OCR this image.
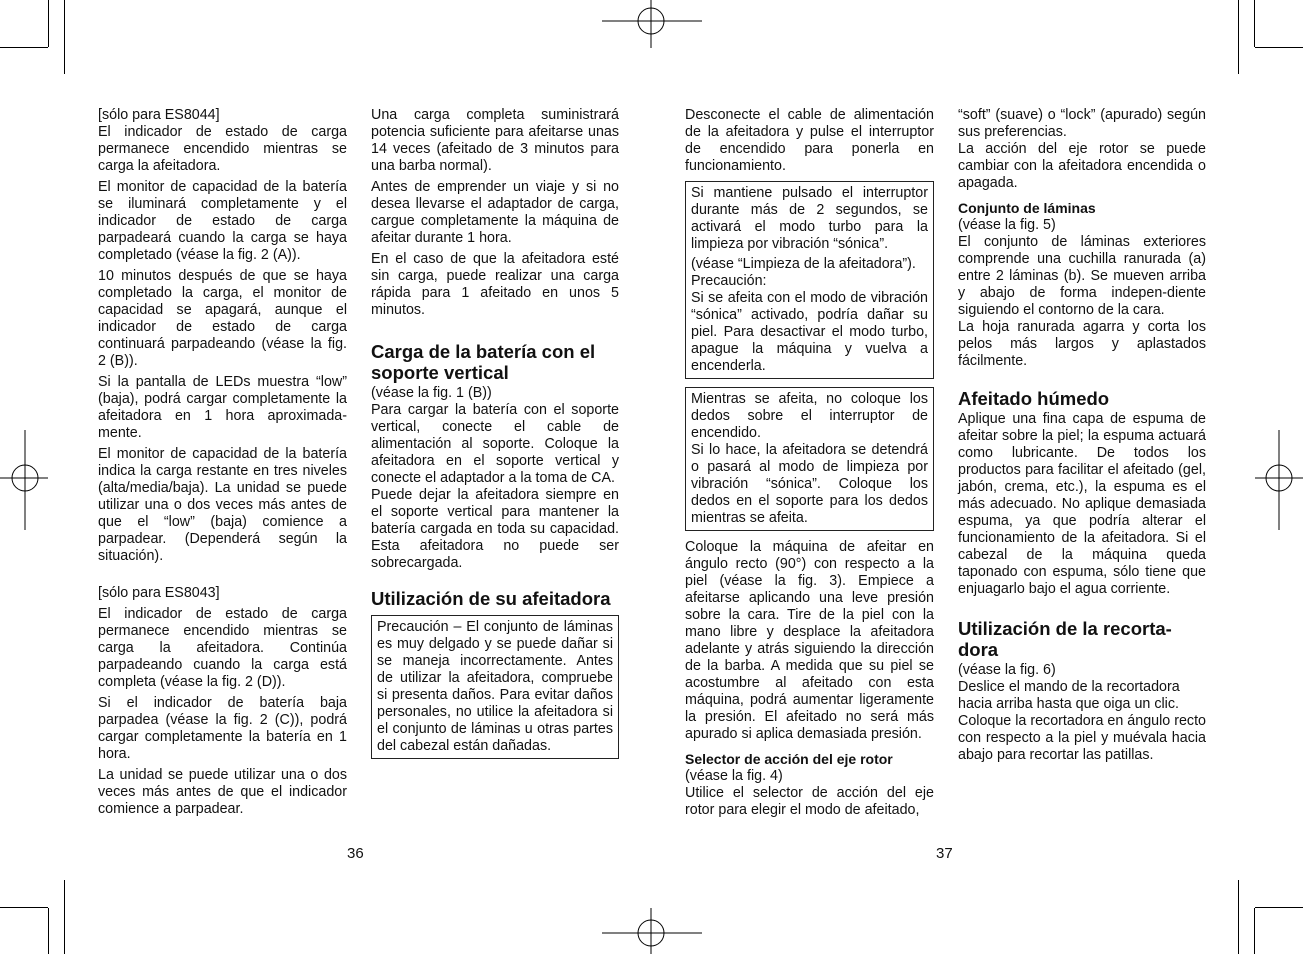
[sólo para ES8044]

El indicador de estado de carga permanece encendido mientras se carga la afeitadora.

El monitor de capacidad de la batería se iluminará completamente y el indicador de estado de carga parpadeará cuando la carga se haya completado (véase la fig. 2 (A)).

10 minutos después de que se haya completado la carga, el monitor de capacidad se apagará, aunque el indicador de estado de carga continuará parpadeando (véase la fig. 2 (B)).

Si la pantalla de LEDs muestra “low” (baja), podrá cargar completamente la afeitadora en 1 hora aproximada-mente.

El monitor de capacidad de la batería indica la carga restante en tres niveles (alta/media/baja). La unidad se puede utilizar una o dos veces más antes de que el “low” (baja) comience a parpadear. (Dependerá según la situación).

[sólo para ES8043]

El indicador de estado de carga permanece encendido mientras se carga la afeitadora. Continúa parpadeando cuando la carga está completa (véase la fig. 2 (D)).

Si el indicador de batería baja parpadea (véase la fig. 2 (C)), podrá cargar completamente la batería en 1 hora.

La unidad se puede utilizar una o dos veces más antes de que el indicador comience a parpadear.

Una carga completa suministrará potencia suficiente para afeitarse unas 14 veces (afeitado de 3 minutos para una barba normal).

Antes de emprender un viaje y si no desea llevarse el adaptador de carga, cargue completamente la máquina de afeitar durante 1 hora.

En el caso de que la afeitadora esté sin carga, puede realizar una carga rápida para 1 afeitado en unos 5 minutos.

Carga de la batería con el soporte vertical

(véase la fig. 1 (B))

Para cargar la batería con el soporte vertical, conecte el cable de alimentación al soporte. Coloque la afeitadora en el soporte vertical y conecte el adaptador a la toma de CA.

Puede dejar la afeitadora siempre en el soporte vertical para mantener la batería cargada en toda su capacidad. Esta afeitadora no puede ser sobrecargada.

Utilización de su afeitadora

Precaución – El conjunto de láminas es muy delgado y se puede dañar si se maneja incorrectamente. Antes de utilizar la afeitadora, compruebe si presenta daños. Para evitar daños personales, no utilice la afeitadora si el conjunto de láminas u otras partes del cabezal están dañadas.

Desconecte el cable de alimentación de la afeitadora y pulse el interruptor de encendido para ponerla en funcionamiento.

Si mantiene pulsado el interruptor durante más de 2 segundos, se activará el modo turbo para la limpieza por vibración “sónica”.

(véase “Limpieza de la afeitadora”).

Precaución:

Si se afeita con el modo de vibración “sónica” activado, podría dañar su piel. Para desactivar el modo turbo, apague la máquina y vuelva a encenderla.

Mientras se afeita, no coloque los dedos sobre el interruptor de encendido.

Si lo hace, la afeitadora se detendrá o pasará al modo de limpieza por vibración “sónica”. Coloque los dedos en el soporte para los dedos mientras se afeita.

Coloque la máquina de afeitar en ángulo recto (90°) con respecto a la piel (véase la fig. 3). Empiece a afeitarse aplicando una leve presión sobre la cara. Tire de la piel con la mano libre y desplace la afeitadora adelante y atrás siguiendo la dirección de la barba. A medida que su piel se acostumbre al afeitado con esta máquina, podrá aumentar ligeramente la presión. El afeitado no será más apurado si aplica demasiada presión.

Selector de acción del eje rotor

(véase la fig. 4)

Utilice el selector de acción del eje rotor para elegir el modo de afeitado,

“soft” (suave) o “lock” (apurado) según sus preferencias.

La acción del eje rotor se puede cambiar con la afeitadora encendida o apagada.

Conjunto de láminas

(véase la fig. 5)

El conjunto de láminas exteriores comprende una cuchilla ranurada (a) entre 2 láminas (b). Se mueven arriba y abajo de forma indepen-diente siguiendo el contorno de la cara.

La hoja ranurada agarra y corta los pelos más largos y aplastados fácilmente.

Afeitado húmedo

Aplique una fina capa de espuma de afeitar sobre la piel; la espuma actuará como lubricante. De todos los productos para facilitar el afeitado (gel, jabón, crema, etc.), la espuma es el más adecuado. No aplique demasiada espuma, ya que podría alterar el funcionamiento de la afeitadora. Si el cabezal de la máquina queda taponado con espuma, sólo tiene que enjuagarlo bajo el agua corriente.

Utilización de la recorta-dora

(véase la fig. 6)

Deslice el mando de la recortadora hacia arriba hasta que oiga un clic.

Coloque la recortadora en ángulo recto con respecto a la piel y muévala hacia abajo para recortar las patillas.

36	37
